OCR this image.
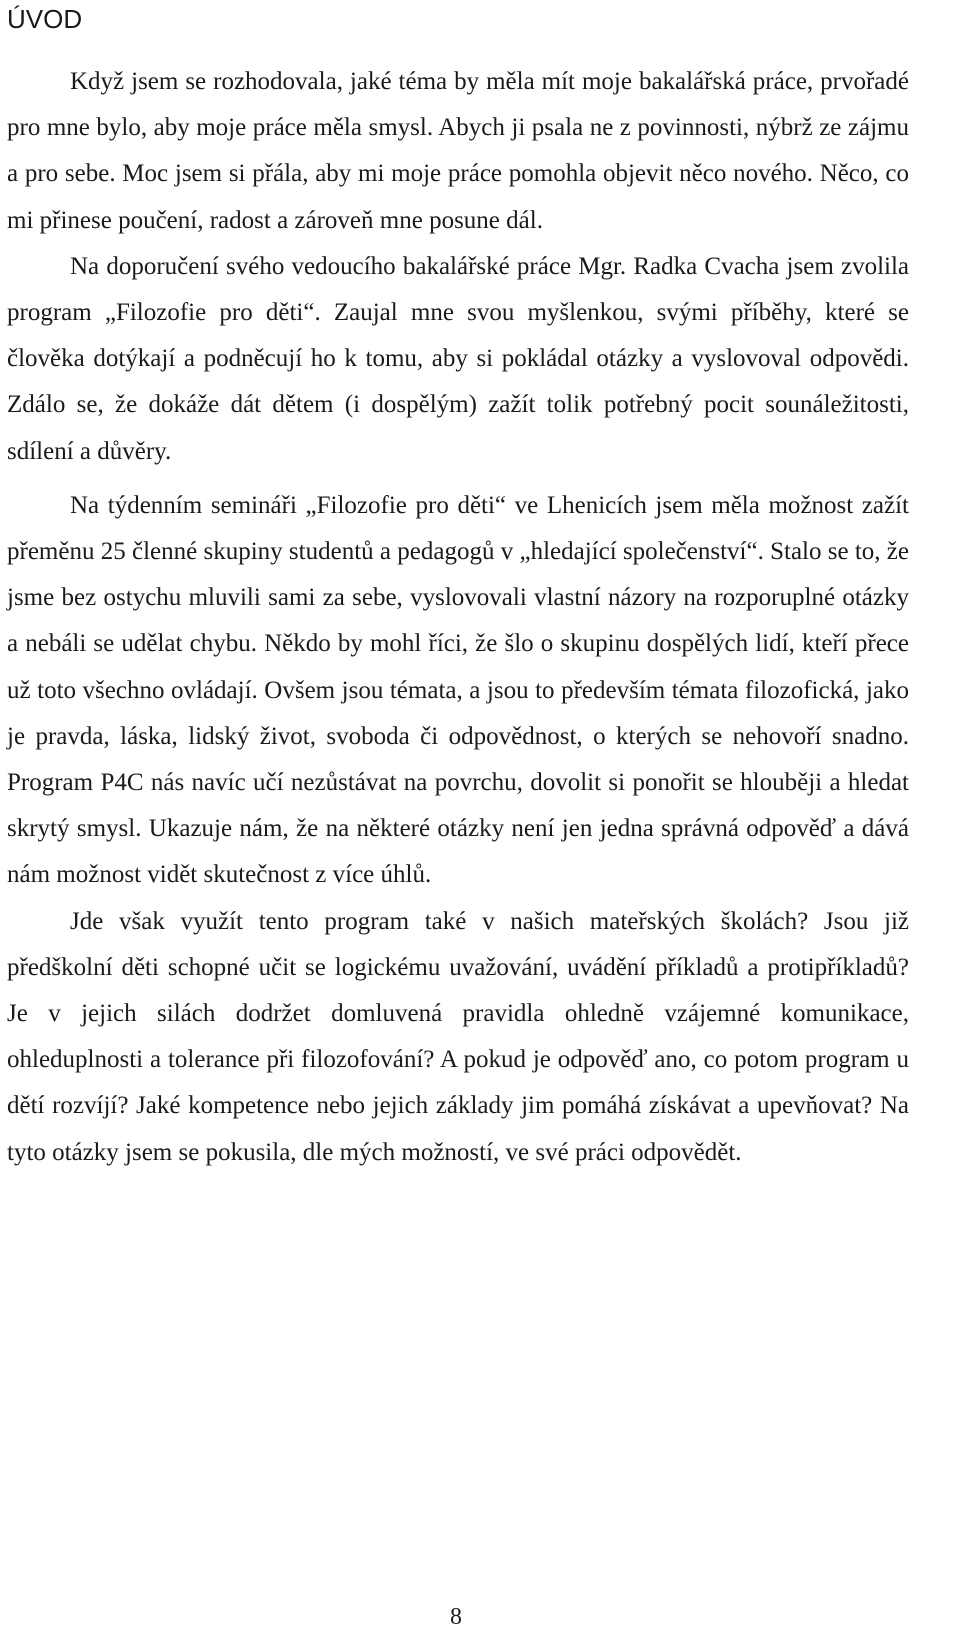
ÚVOD

Když jsem se rozhodovala, jaké téma by měla mít moje bakalářská práce, prvořadé pro mne bylo, aby moje práce měla smysl. Abych ji psala ne z povinnosti, nýbrž ze zájmu a pro sebe. Moc jsem si přála, aby mi moje práce pomohla objevit něco nového. Něco, co mi přinese poučení, radost a zároveň mne posune dál.

Na doporučení svého vedoucího bakalářské práce Mgr. Radka Cvacha jsem zvolila program „Filozofie pro děti“. Zaujal mne svou myšlenkou, svými příběhy, které se člověka dotýkají a podněcují ho k tomu, aby si pokládal otázky a vyslovoval odpovědi. Zdálo se, že dokáže dát dětem (i dospělým) zažít tolik potřebný pocit sounáležitosti, sdílení a důvěry.

Na týdenním semináři „Filozofie pro děti“ ve Lhenicích jsem měla možnost zažít přeměnu 25 členné skupiny studentů a pedagogů v „hledající společenství“. Stalo se to, že jsme bez ostychu mluvili sami za sebe, vyslovovali vlastní názory na rozporuplné otázky a nebáli se udělat chybu. Někdo by mohl říci, že šlo o skupinu dospělých lidí, kteří přece už toto všechno ovládají. Ovšem jsou témata, a jsou to především témata filozofická, jako je pravda, láska, lidský život, svoboda či odpovědnost, o kterých se nehovoří snadno. Program P4C nás navíc učí nezůstávat na povrchu, dovolit si ponořit se hlouběji a hledat skrytý smysl. Ukazuje nám, že na některé otázky není jen jedna správná odpověď a dává nám možnost vidět skutečnost z více úhlů.

Jde však využít tento program také v našich mateřských školách? Jsou již předškolní děti schopné učit se logickému uvažování, uvádění příkladů a protipříkladů? Je v jejich silách dodržet domluvená pravidla ohledně vzájemné komunikace, ohleduplnosti a tolerance při filozofování? A pokud je odpověď ano, co potom program u dětí rozvíjí? Jaké kompetence nebo jejich základy jim pomáhá získávat a upevňovat? Na tyto otázky jsem se pokusila, dle mých možností, ve své práci odpovědět.

8
